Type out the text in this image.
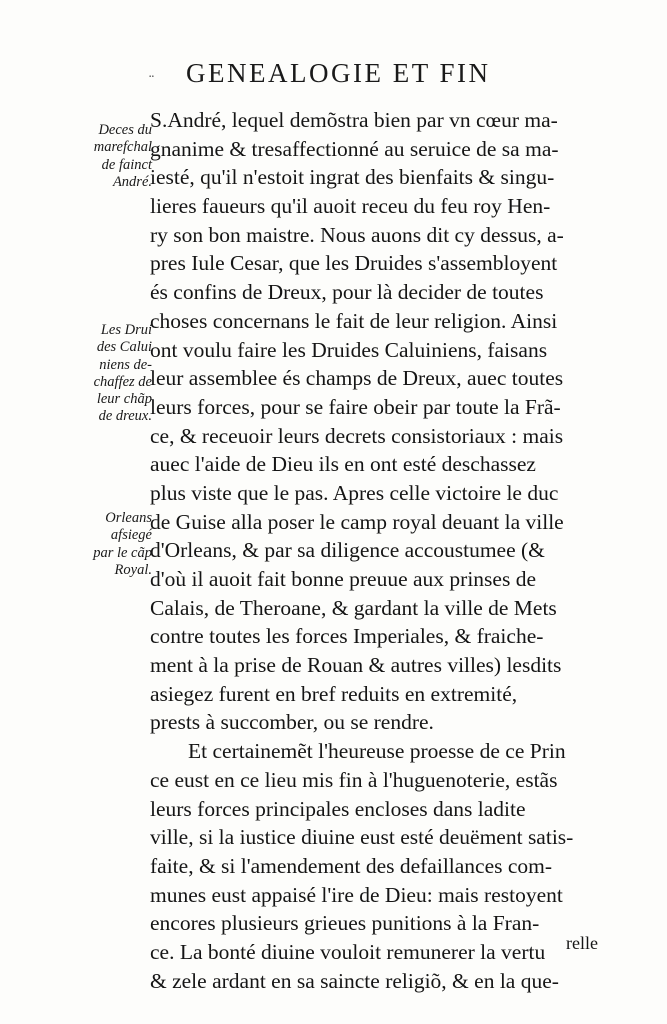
¨ GENEALOGIE ET FIN
S.André, lequel demõstra bien par vn cœur ma-
gnanime & tresaffectionné au seruice de sa ma-
iesté, qu'il n'estoit ingrat des bienfaits & singu-
lieres faueurs qu'il auoit receu du feu roy Hen-
ry son bon maistre. Nous auons dit cy dessus, a-
pres Iule Cesar, que les Druides s'assembloyent
és confins de Dreux, pour là decider de toutes
choses concernans le fait de leur religion. Ainsi
ont voulu faire les Druides Caluiniens, faisans
leur assemblee és champs de Dreux, auec toutes
leurs forces, pour se faire obeir par toute la Frã-
ce, & receuoir leurs decrets consistoriaux : mais
auec l'aide de Dieu ils en ont esté deschassez
plus viste que le pas. Apres celle victoire le duc
de Guise alla poser le camp royal deuant la ville
d'Orleans, & par sa diligence accoustumee (&
d'où il auoit fait bonne preuue aux prinses de
Calais, de Theroane, & gardant la ville de Mets
contre toutes les forces Imperiales, & fraiche-
ment à la prise de Rouan & autres villes) lesdits
asiegez furent en bref reduits en extremité,
prests à succomber, ou se rendre.
Et certainemẽt l'heureuse proesse de ce Prin
ce eust en ce lieu mis fin à l'huguenoterie, estãs
leurs forces principales encloses dans ladite
ville, si la iustice diuine eust esté deuëment satis-
faite, & si l'amendement des defaillances com-
munes eust appaisé l'ire de Dieu: mais restoyent
encores plusieurs grieues punitions à la Fran-
ce. La bonté diuine vouloit remunerer la vertu
& zele ardant en sa saincte religiõ, & en la que-
relle
Deces du
marefchal
de fainct
André.
Les Drui
des Calui
niens de-
chaffez de
leur chãp
de dreux.
Orleans
afsiegé
par le cãp
Royal.
